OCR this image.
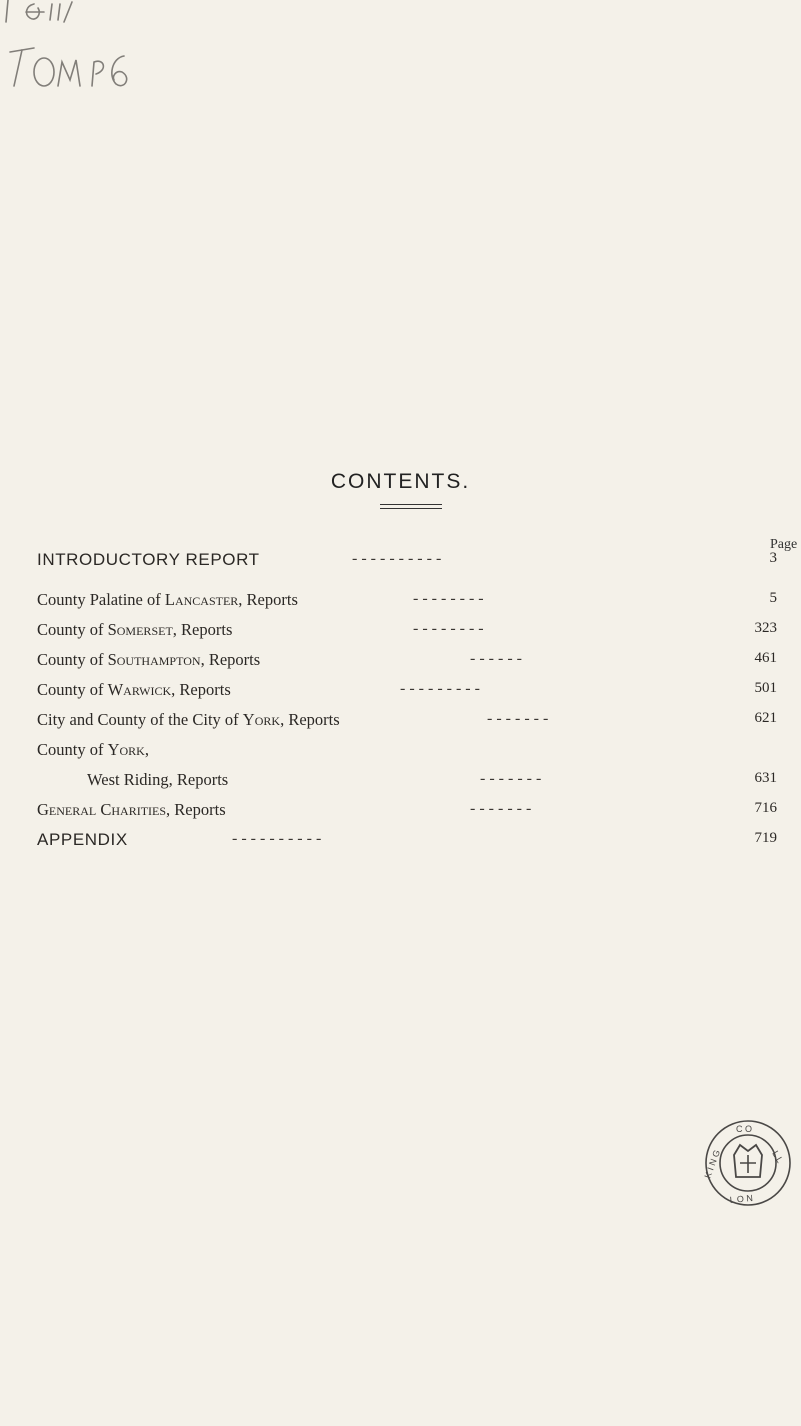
CONTENTS.
Page
INTRODUCTORY REPORT	- - - - - - - - - -	3
County Palatine of Lancaster, Reports	- - - - - - - -	5
County of Somerset, Reports	- - - - - - - -	323
County of Southampton, Reports	- - - - - -	461
County of Warwick, Reports	- - - - - - - - -	501
City and County of the City of York, Reports	- - - - - - -	621
County of York,
West Riding, Reports	- - - - - - -	631
General Charities, Reports	- - - - - - -	716
APPENDIX	- - - - - - - - - -	719
C O
L L
L O N
K I N G
